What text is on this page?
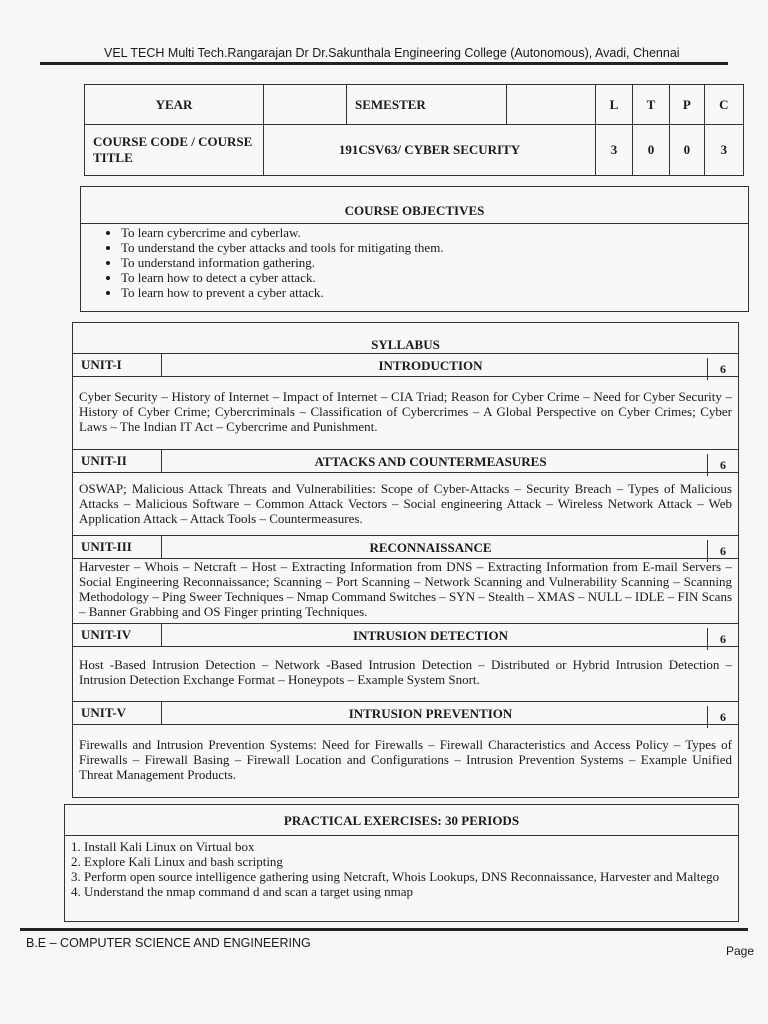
VEL TECH Multi Tech.Rangarajan Dr Dr.Sakunthala Engineering College (Autonomous), Avadi, Chennai
YEAR		SEMESTER		L	T	P	C
COURSE CODE / COURSE TITLE	191CSV63/ CYBER SECURITY			3	0	0	3
COURSE OBJECTIVES
• To learn cybercrime and cyberlaw.
• To understand the cyber attacks and tools for mitigating them.
• To understand information gathering.
• To learn how to detect a cyber attack.
• To learn how to prevent a cyber attack.
SYLLABUS
UNIT-I	INTRODUCTION	6
Cyber Security – History of Internet – Impact of Internet – CIA Triad; Reason for Cyber Crime – Need for Cyber Security – History of Cyber Crime; Cybercriminals – Classification of Cybercrimes – A Global Perspective on Cyber Crimes; Cyber Laws – The Indian IT Act – Cybercrime and Punishment.
UNIT-II	ATTACKS AND COUNTERMEASURES	6
OSWAP; Malicious Attack Threats and Vulnerabilities: Scope of Cyber-Attacks – Security Breach – Types of Malicious Attacks – Malicious Software – Common Attack Vectors – Social engineering Attack – Wireless Network Attack – Web Application Attack – Attack Tools – Countermeasures.
UNIT-III	RECONNAISSANCE	6
Harvester – Whois – Netcraft – Host – Extracting Information from DNS – Extracting Information from E-mail Servers – Social Engineering Reconnaissance; Scanning – Port Scanning – Network Scanning and Vulnerability Scanning – Scanning Methodology – Ping Sweer Techniques – Nmap Command Switches – SYN – Stealth – XMAS – NULL – IDLE – FIN Scans – Banner Grabbing and OS Finger printing Techniques.
UNIT-IV	INTRUSION DETECTION	6
Host -Based Intrusion Detection – Network -Based Intrusion Detection – Distributed or Hybrid Intrusion Detection – Intrusion Detection Exchange Format – Honeypots – Example System Snort.
UNIT-V	INTRUSION PREVENTION	6
Firewalls and Intrusion Prevention Systems: Need for Firewalls – Firewall Characteristics and Access Policy – Types of Firewalls – Firewall Basing – Firewall Location and Configurations – Intrusion Prevention Systems – Example Unified Threat Management Products.
PRACTICAL EXERCISES: 30 PERIODS
1. Install Kali Linux on Virtual box
2. Explore Kali Linux and bash scripting
3. Perform open source intelligence gathering using Netcraft, Whois Lookups, DNS Reconnaissance, Harvester and Maltego
4. Understand the nmap command d and scan a target using nmap
B.E – COMPUTER SCIENCE AND ENGINEERING
Page
